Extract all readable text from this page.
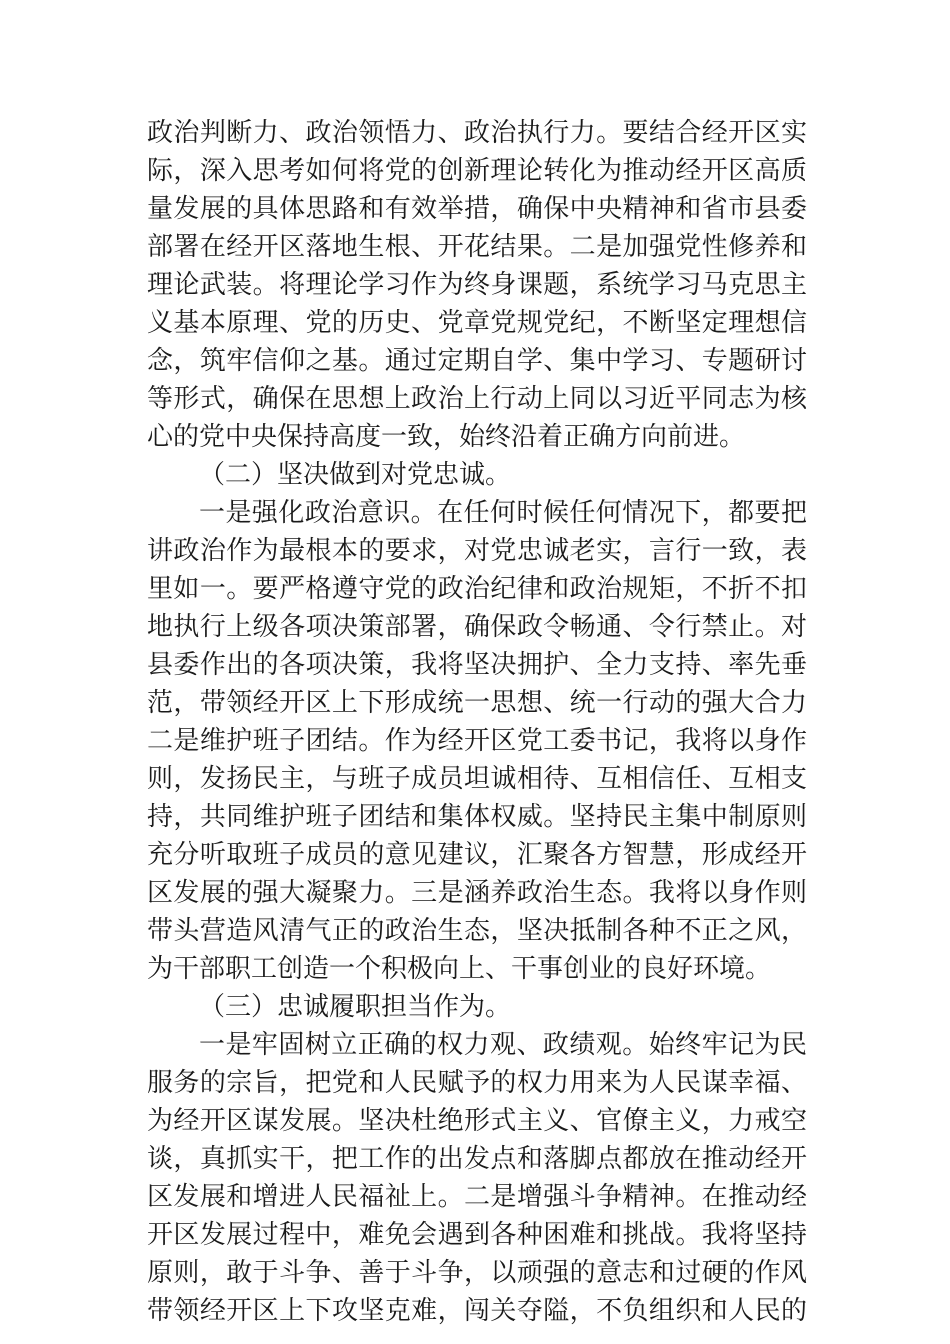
政治判断力、政治领悟力、政治执行力。要结合经开区实
际，深入思考如何将党的创新理论转化为推动经开区高质
量发展的具体思路和有效举措，确保中央精神和省市县委
部署在经开区落地生根、开花结果。二是加强党性修养和
理论武装。将理论学习作为终身课题，系统学习马克思主
义基本原理、党的历史、党章党规党纪，不断坚定理想信
念，筑牢信仰之基。通过定期自学、集中学习、专题研讨
等形式，确保在思想上政治上行动上同以习近平同志为核
心的党中央保持高度一致，始终沿着正确方向前进。
（二）坚决做到对党忠诚。
一是强化政治意识。在任何时候任何情况下，都要把
讲政治作为最根本的要求，对党忠诚老实，言行一致，表
里如一。要严格遵守党的政治纪律和政治规矩，不折不扣
地执行上级各项决策部署，确保政令畅通、令行禁止。对
县委作出的各项决策，我将坚决拥护、全力支持、率先垂
范，带领经开区上下形成统一思想、统一行动的强大合力
二是维护班子团结。作为经开区党工委书记，我将以身作
则，发扬民主，与班子成员坦诚相待、互相信任、互相支
持，共同维护班子团结和集体权威。坚持民主集中制原则
充分听取班子成员的意见建议，汇聚各方智慧，形成经开
区发展的强大凝聚力。三是涵养政治生态。我将以身作则
带头营造风清气正的政治生态，坚决抵制各种不正之风，
为干部职工创造一个积极向上、干事创业的良好环境。
（三）忠诚履职担当作为。
一是牢固树立正确的权力观、政绩观。始终牢记为民
服务的宗旨，把党和人民赋予的权力用来为人民谋幸福、
为经开区谋发展。坚决杜绝形式主义、官僚主义，力戒空
谈，真抓实干，把工作的出发点和落脚点都放在推动经开
区发展和增进人民福祉上。二是增强斗争精神。在推动经
开区发展过程中，难免会遇到各种困难和挑战。我将坚持
原则，敢于斗争、善于斗争，以顽强的意志和过硬的作风
带领经开区上下攻坚克难，闯关夺隘，不负组织和人民的
